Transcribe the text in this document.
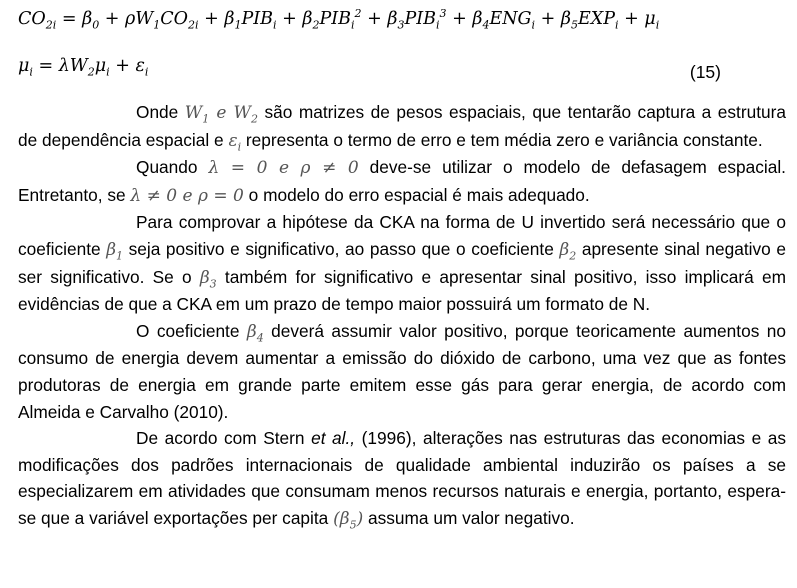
$CO_{2i} = \beta_0 + \rho W_1CO_{2i} + \beta_1PIB_i + \beta_2PIB_i^2 + \beta_3PIB_i^3 + \beta_4ENG_i + \beta_5EXP_i + \mu_i$
$\mu_i = \lambda W_2\mu_i + \varepsilon_i$	(15)

Onde $W_1$ e $W_2$ são matrizes de pesos espaciais, que tentarão captura a estrutura de dependência espacial e $\varepsilon_i$ representa o termo de erro e tem média zero e variância constante.

Quando λ = 0 e ρ ≠ 0 deve-se utilizar o modelo de defasagem espacial. Entretanto, se λ ≠ 0 e ρ = 0 o modelo do erro espacial é mais adequado.

Para comprovar a hipótese da CKA na forma de U invertido será necessário que o coeficiente $\beta_1$ seja positivo e significativo, ao passo que o coeficiente $\beta_2$ apresente sinal negativo e ser significativo. Se o $\beta_3$ também for significativo e apresentar sinal positivo, isso implicará em evidências de que a CKA em um prazo de tempo maior possuirá um formato de N.

O coeficiente $\beta_4$ deverá assumir valor positivo, porque teoricamente aumentos no consumo de energia devem aumentar a emissão do dióxido de carbono, uma vez que as fontes produtoras de energia em grande parte emitem esse gás para gerar energia, de acordo com Almeida e Carvalho (2010).

De acordo com Stern et al., (1996), alterações nas estruturas das economias e as modificações dos padrões internacionais de qualidade ambiental induzirão os países a se especializarem em atividades que consumam menos recursos naturais e energia, portanto, espera-se que a variável exportações per capita $(\beta_5)$ assuma um valor negativo.
